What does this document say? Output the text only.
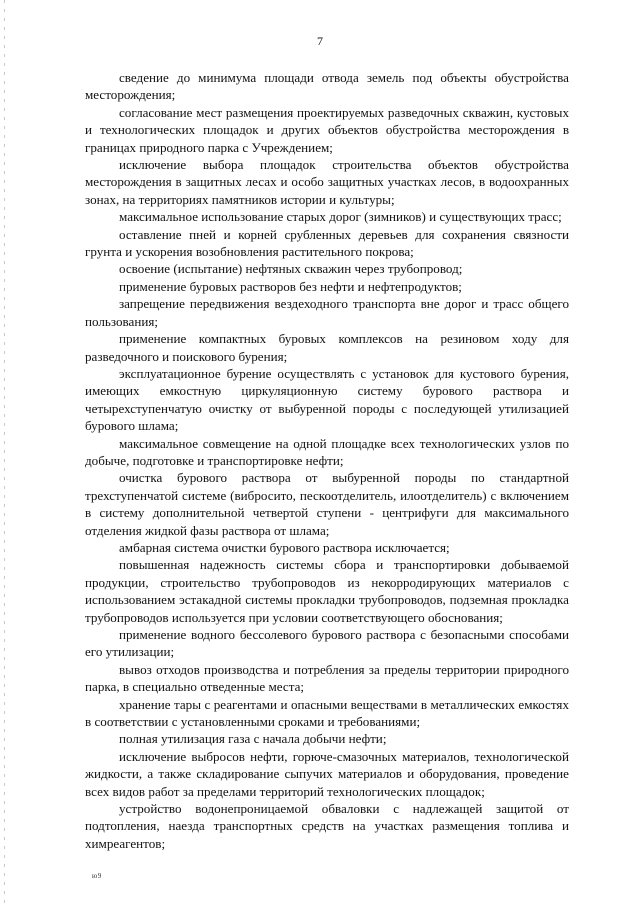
7

сведение до минимума площади отвода земель под объекты обустройства месторождения;

согласование мест размещения проектируемых разведочных скважин, кустовых и технологических площадок и других объектов обустройства месторождения в границах природного парка с Учреждением;

исключение выбора площадок строительства объектов обустройства месторождения в защитных лесах и особо защитных участках лесов, в водоохранных зонах, на территориях памятников истории и культуры;

максимальное использование старых дорог (зимников) и существующих трасс;

оставление пней и корней срубленных деревьев для сохранения связности грунта и ускорения возобновления растительного покрова;

освоение (испытание) нефтяных скважин через трубопровод;

применение буровых растворов без нефти и нефтепродуктов;

запрещение передвижения вездеходного транспорта вне дорог и трасс общего пользования;

применение компактных буровых комплексов на резиновом ходу для разведочного и поискового бурения;

эксплуатационное бурение осуществлять с установок для кустового бурения, имеющих емкостную циркуляционную систему бурового раствора и четырехступенчатую очистку от выбуренной породы с последующей утилизацией бурового шлама;

максимальное совмещение на одной площадке всех технологических узлов по добыче, подготовке и транспортировке нефти;

очистка бурового раствора от выбуренной породы по стандартной трехступенчатой системе (вибросито, пескоотделитель, илоотделитель) с включением в систему дополнительной четвертой ступени - центрифуги для максимального отделения жидкой фазы раствора от шлама;

амбарная система очистки бурового раствора исключается;

повышенная надежность системы сбора и транспортировки добываемой продукции, строительство трубопроводов из некорродирующих материалов с использованием эстакадной системы прокладки трубопроводов, подземная прокладка трубопроводов используется при условии соответствующего обоснования;

применение водного бессолевого бурового раствора с безопасными способами его утилизации;

вывоз отходов производства и потребления за пределы территории природного парка, в специально отведенные места;

хранение тары с реагентами и опасными веществами в металлических емкостях в соответствии с установленными сроками и требованиями;

полная утилизация газа с начала добычи нефти;

исключение выбросов нефти, горюче-смазочных материалов, технологической жидкости, а также складирование сыпучих материалов и оборудования, проведение всех видов работ за пределами территорий технологических площадок;

устройство водонепроницаемой обваловки с надлежащей защитой от подтопления, наезда транспортных средств на участках размещения топлива и химреагентов;

ю9
